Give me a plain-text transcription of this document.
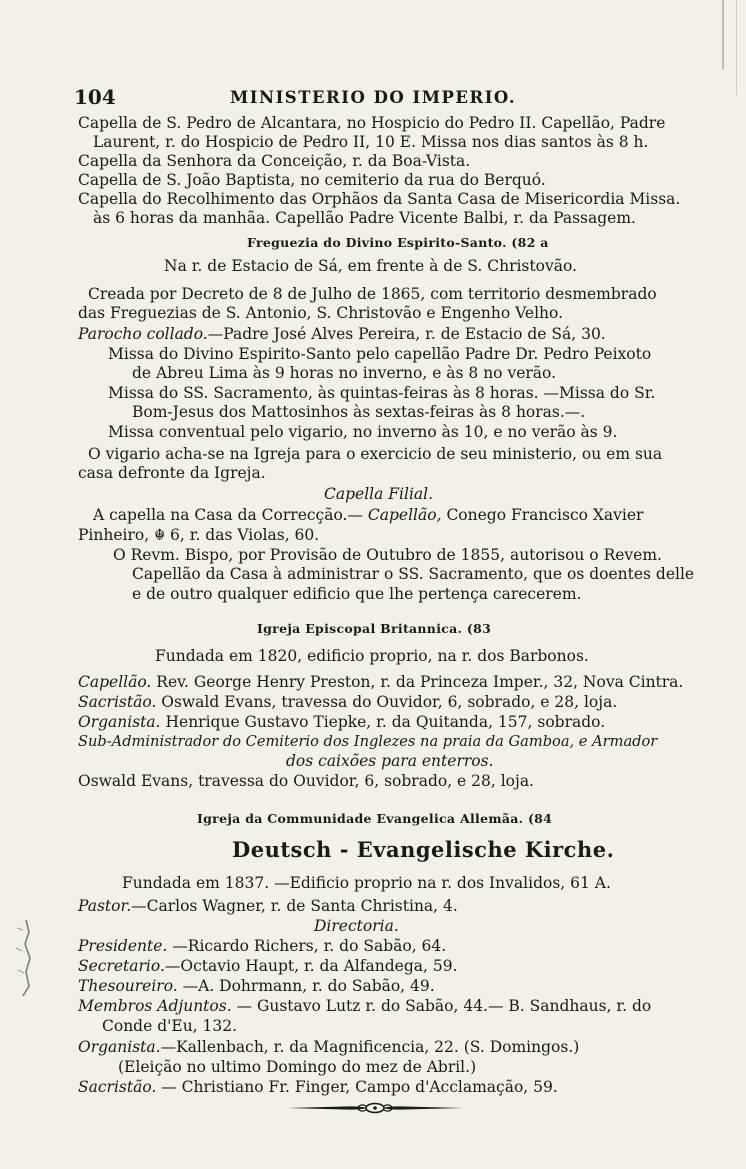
104	MINISTERIO DO IMPERIO.
Capella de S. Pedro de Alcantara, no Hospicio do Pedro II. Capellão, Padre
Laurent, r. do Hospicio de Pedro II, 10 E. Missa nos dias santos às 8 h.
Capella da Senhora da Conceição, r. da Boa-Vista.
Capella de S. João Baptista, no cemiterio da rua do Berquó.
Capella do Recolhimento das Orphãos da Santa Casa de Misericordia Missa.
às 6 horas da manhãa. Capellão Padre Vicente Balbi, r. da Passagem.
Freguezia do Divino Espirito-Santo. (82 a
Na r. de Estacio de Sá, em frente à de S. Christovão.
Creada por Decreto de 8 de Julho de 1865, com territorio desmembrado
das Freguezias de S. Antonio, S. Christovão e Engenho Velho.
Parocho collado.—Padre José Alves Pereira, r. de Estacio de Sá, 30.
Missa do Divino Espirito-Santo pelo capellão Padre Dr. Pedro Peixoto
de Abreu Lima às 9 horas no inverno, e às 8 no verão.
Missa do SS. Sacramento, às quintas-feiras às 8 horas. —Missa do Sr.
Bom-Jesus dos Mattosinhos às sextas-feiras às 8 horas.—.
Missa conventual pelo vigario, no inverno às 10, e no verão às 9.
O vigario acha-se na Igreja para o exercicio de seu ministerio, ou em sua
casa defronte da Igreja.
Capella Filial.
A capella na Casa da Correcção.— Capellão, Conego Francisco Xavier
Pinheiro, ☬ 6, r. das Violas, 60.
O Revm. Bispo, por Provisão de Outubro de 1855, autorisou o Revem.
Capellão da Casa à administrar o SS. Sacramento, que os doentes delle
e de outro qualquer edificio que lhe pertença carecerem.
Igreja Episcopal Britannica. (83
Fundada em 1820, edificio proprio, na r. dos Barbonos.
Capellão. Rev. George Henry Preston, r. da Princeza Imper., 32, Nova Cintra.
Sacristão. Oswald Evans, travessa do Ouvidor, 6, sobrado, e 28, loja.
Organista. Henrique Gustavo Tiepke, r. da Quitanda, 157, sobrado.
Sub-Administrador do Cemiterio dos Inglezes na praia da Gamboa, e Armador
dos caixões para enterros.
Oswald Evans, travessa do Ouvidor, 6, sobrado, e 28, loja.
Igreja da Communidade Evangelica Allemãa. (84
Deutsch - Evangelische Kirche.
Fundada em 1837. —Edificio proprio na r. dos Invalidos, 61 A.
Pastor.—Carlos Wagner, r. de Santa Christina, 4.
Directoria.
Presidente. —Ricardo Richers, r. do Sabão, 64.
Secretario.—Octavio Haupt, r. da Alfandega, 59.
Thesoureiro. —A. Dohrmann, r. do Sabão, 49.
Membros Adjuntos. — Gustavo Lutz r. do Sabão, 44.— B. Sandhaus, r. do
Conde d'Eu, 132.
Organista.—Kallenbach, r. da Magnificencia, 22. (S. Domingos.)
(Eleição no ultimo Domingo do mez de Abril.)
Sacristão. — Christiano Fr. Finger, Campo d'Acclamação, 59.
